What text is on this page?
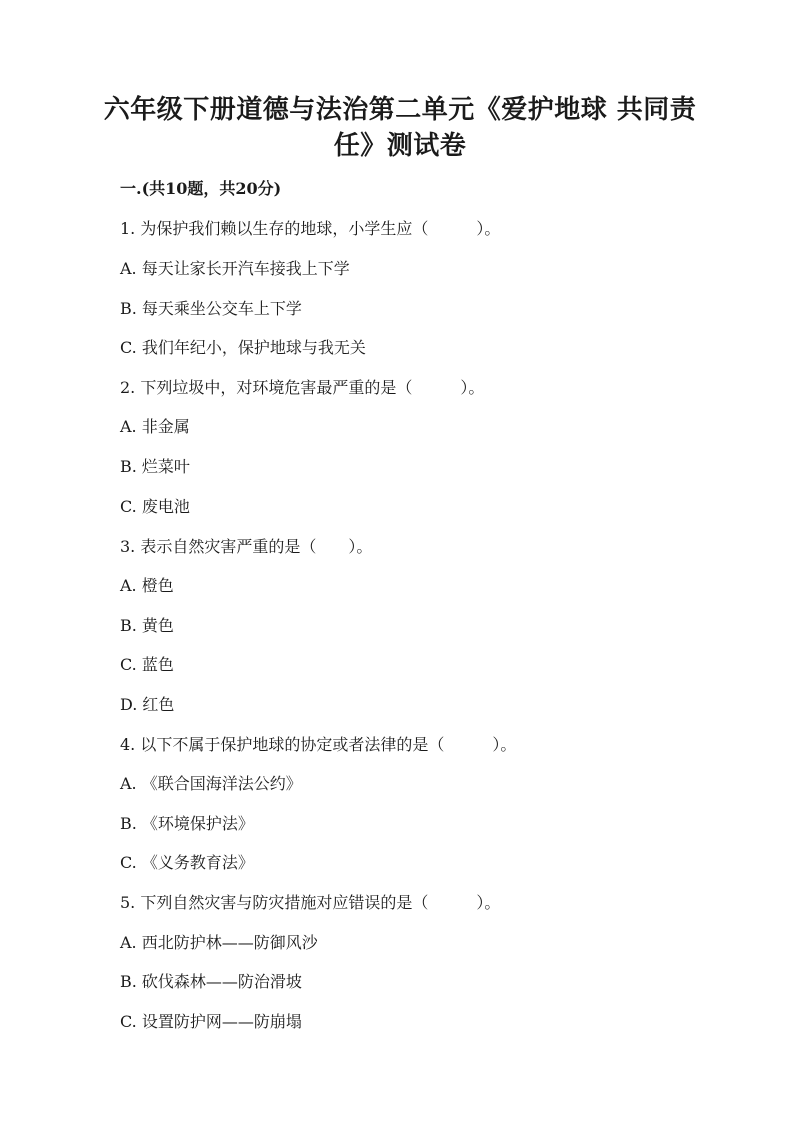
六年级下册道德与法治第二单元《爱护地球 共同责
任》测试卷
一.(共10题，共20分)
1. 为保护我们赖以生存的地球，小学生应（　　　）。
A. 每天让家长开汽车接我上下学
B. 每天乘坐公交车上下学
C. 我们年纪小，保护地球与我无关
2. 下列垃圾中，对环境危害最严重的是（　　　）。
A. 非金属
B. 烂菜叶
C. 废电池
3. 表示自然灾害严重的是（　　）。
A. 橙色
B. 黄色
C. 蓝色
D. 红色
4. 以下不属于保护地球的协定或者法律的是（　　　）。
A. 《联合国海洋法公约》
B. 《环境保护法》
C. 《义务教育法》
5. 下列自然灾害与防灾措施对应错误的是（　　　）。
A. 西北防护林——防御风沙
B. 砍伐森林——防治滑坡
C. 设置防护网——防崩塌
